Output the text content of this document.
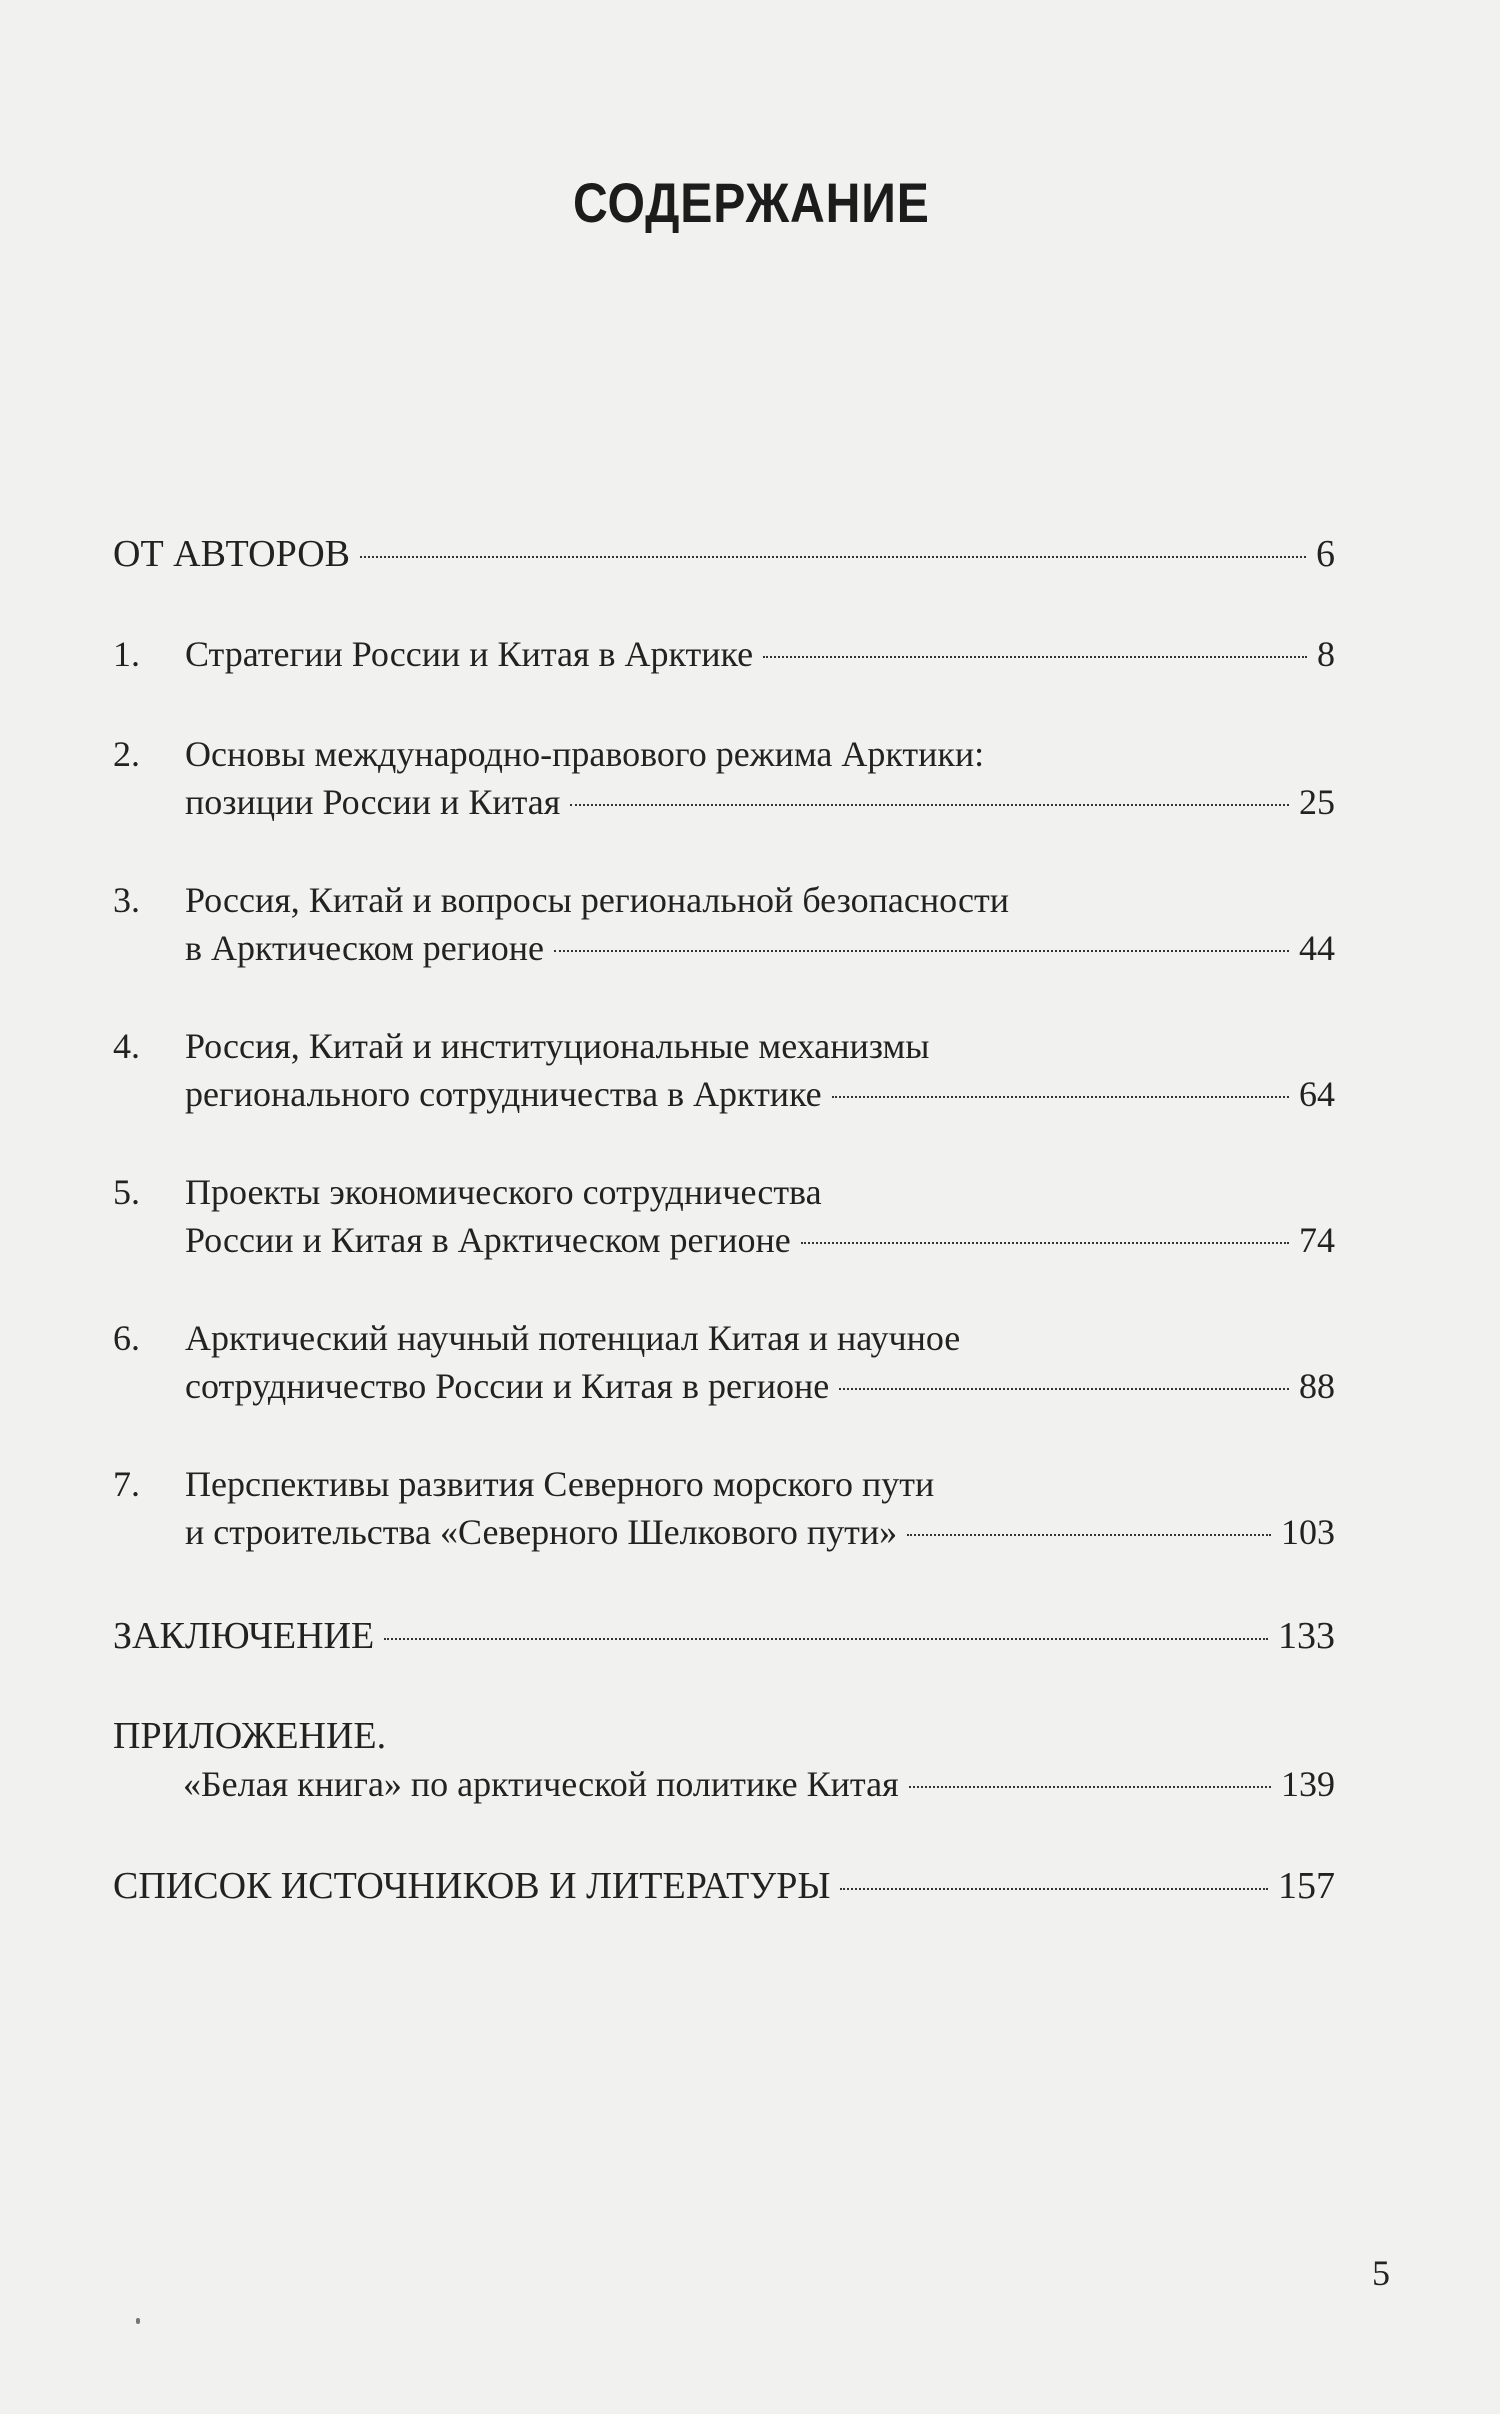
СОДЕРЖАНИЕ
ОТ АВТОРОВ	6
1.	Стратегии России и Китая в Арктике	8
2.	Основы международно-правового режима Арктики:
позиции России и Китая	25
3.	Россия, Китай и вопросы региональной безопасности
в Арктическом регионе	44
4.	Россия, Китай и институциональные механизмы
регионального сотрудничества в Арктике	64
5.	Проекты экономического сотрудничества
России и Китая в Арктическом регионе	74
6.	Арктический научный потенциал Китая и научное
сотрудничество России и Китая в регионе	88
7.	Перспективы развития Северного морского пути
и строительства «Северного Шелкового пути»	103
ЗАКЛЮЧЕНИЕ	133
ПРИЛОЖЕНИЕ.
«Белая книга» по арктической политике Китая	139
СПИСОК ИСТОЧНИКОВ И ЛИТЕРАТУРЫ	157
5
